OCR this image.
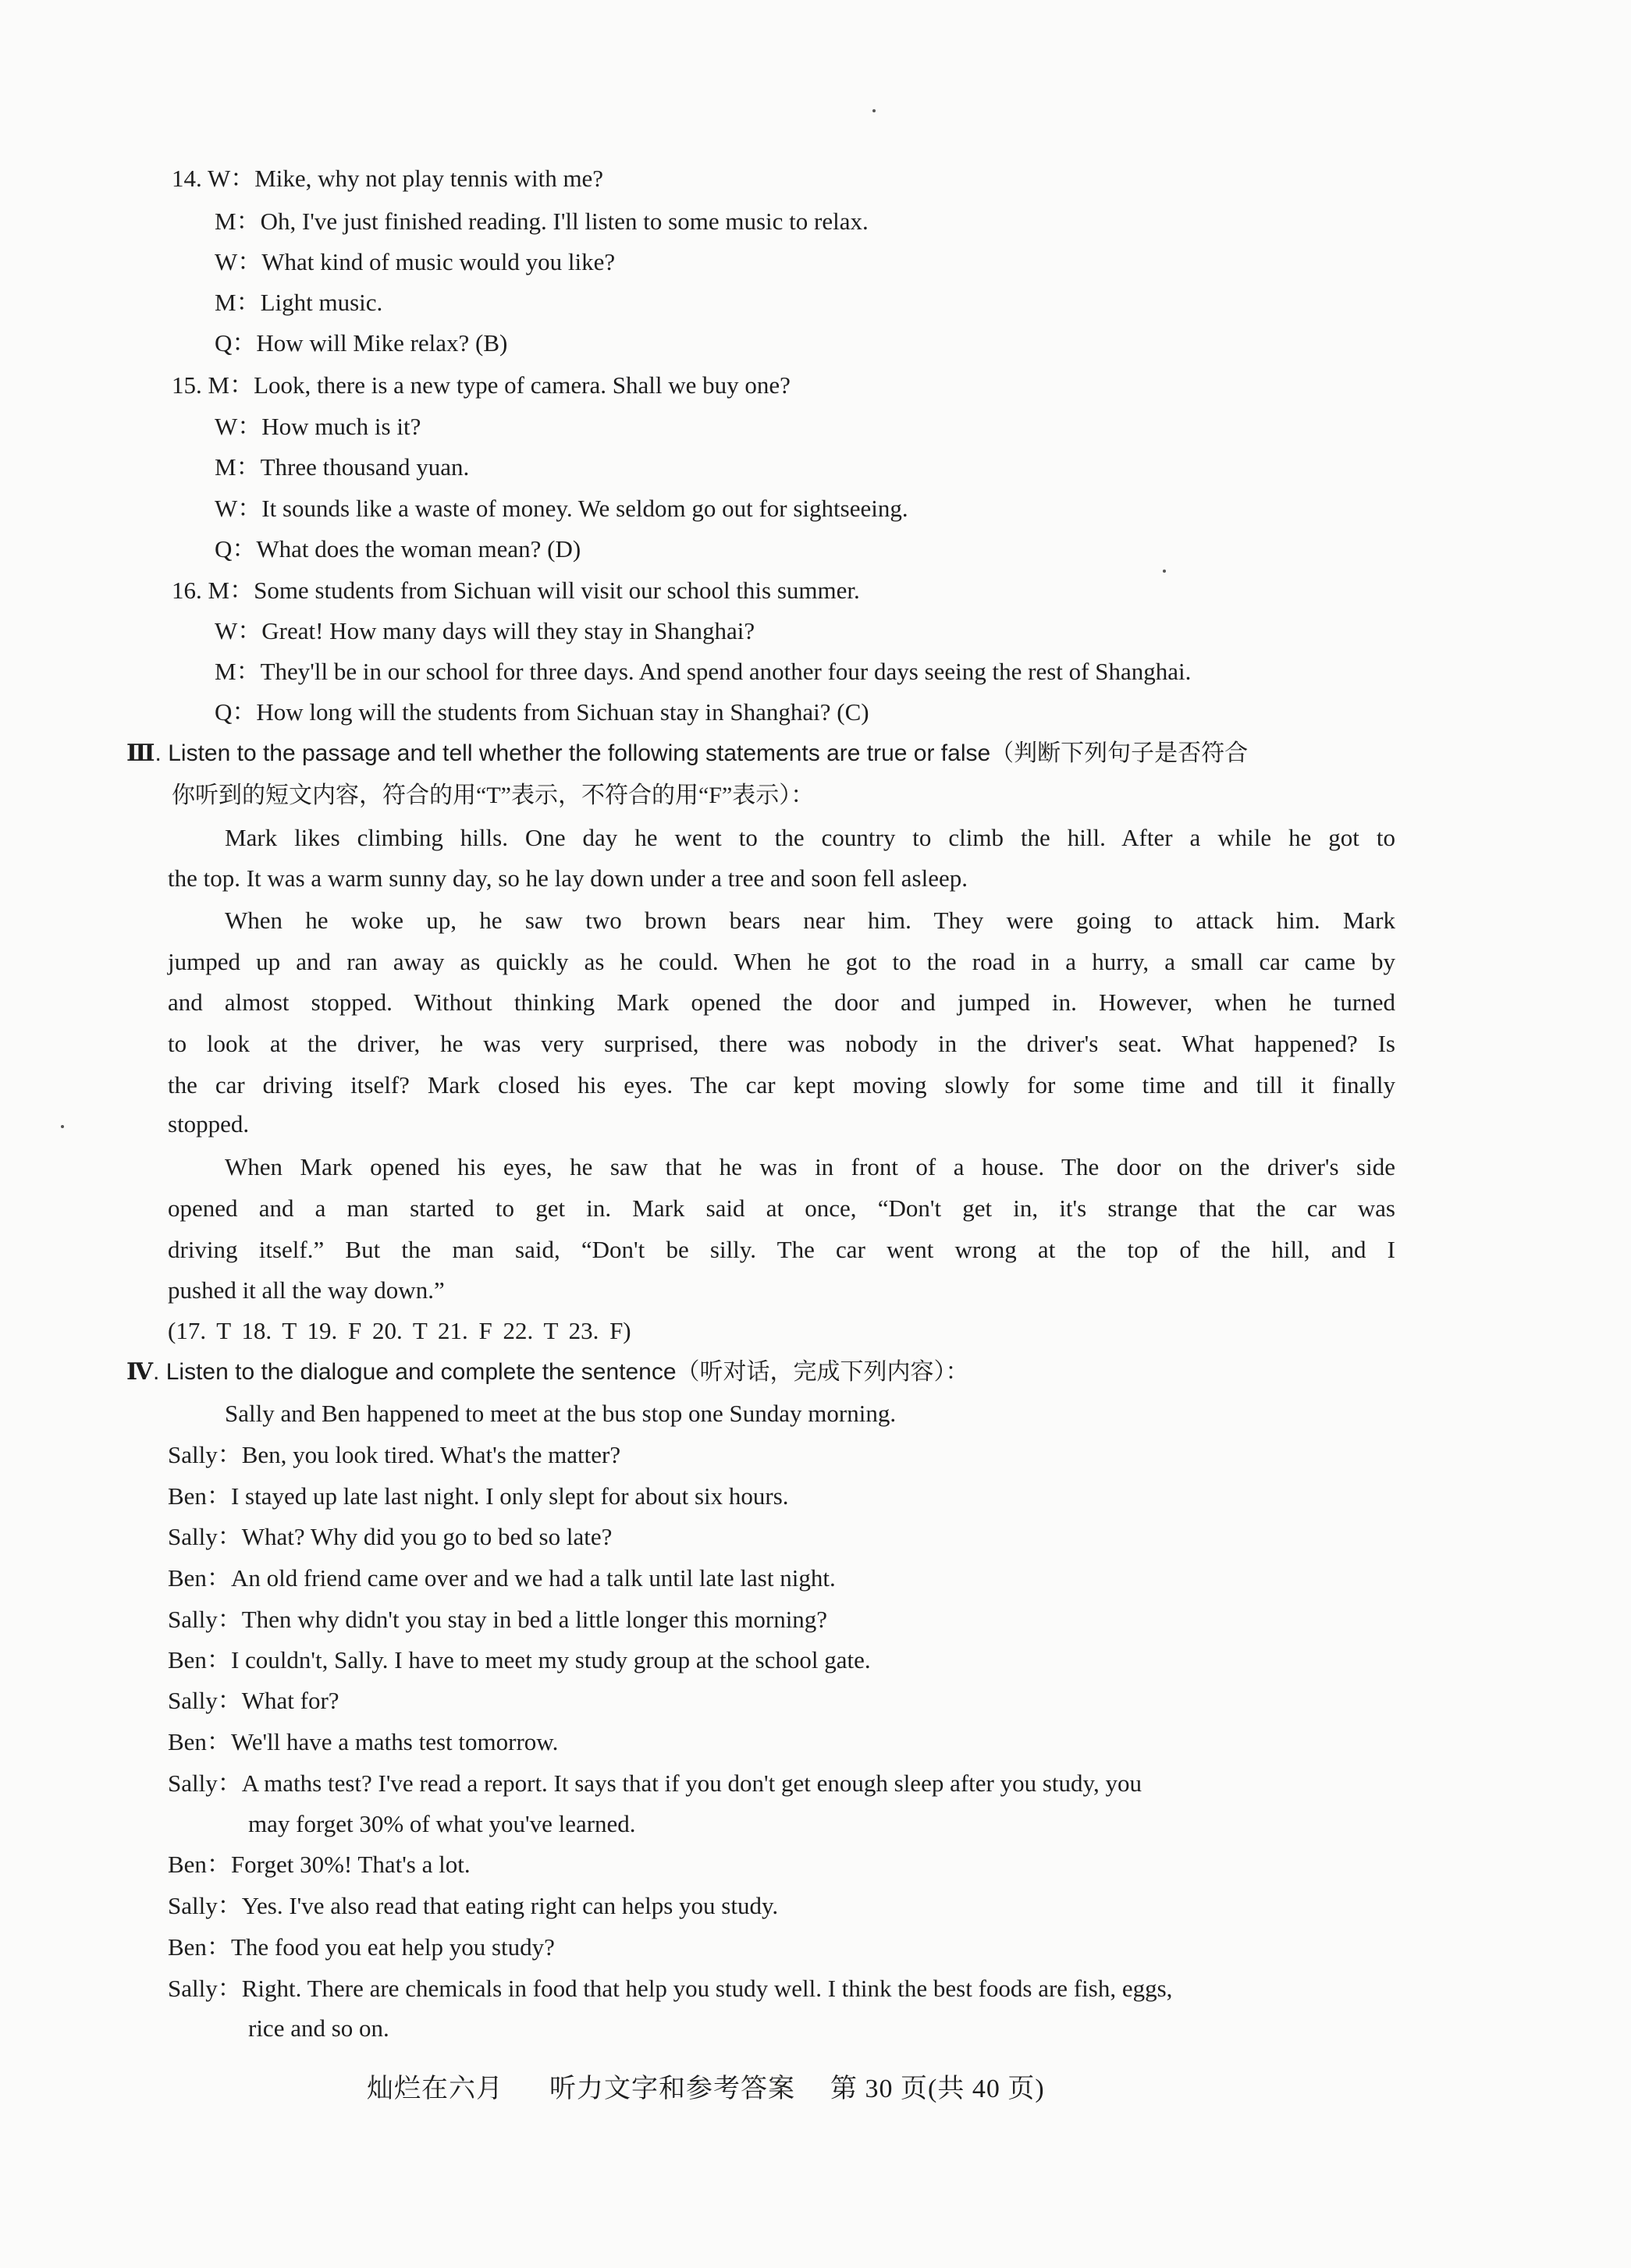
14. W：Mike, why not play tennis with me?
M：Oh, I've just finished reading. I'll listen to some music to relax.
W：What kind of music would you like?
M：Light music.
Q：How will Mike relax? (B)
15. M：Look, there is a new type of camera. Shall we buy one?
W：How much is it?
M：Three thousand yuan.
W：It sounds like a waste of money. We seldom go out for sightseeing.
Q：What does the woman mean? (D)
16. M：Some students from Sichuan will visit our school this summer.
W：Great! How many days will they stay in Shanghai?
M：They'll be in our school for three days. And spend another four days seeing the rest of Shanghai.
Q：How long will the students from Sichuan stay in Shanghai? (C)
Ⅲ. Listen to the passage and tell whether the following statements are true or false（判断下列句子是否符合
你听到的短文内容，符合的用“T”表示，不符合的用“F”表示）：
Mark likes climbing hills. One day he went to the country to climb the hill. After a while he got to
the top. It was a warm sunny day, so he lay down under a tree and soon fell asleep.
When he woke up, he saw two brown bears near him. They were going to attack him. Mark
jumped up and ran away as quickly as he could. When he got to the road in a hurry, a small car came by
and almost stopped. Without thinking Mark opened the door and jumped in. However, when he turned
to look at the driver, he was very surprised, there was nobody in the driver's seat. What happened? Is
the car driving itself? Mark closed his eyes. The car kept moving slowly for some time and till it finally
stopped.
When Mark opened his eyes, he saw that he was in front of a house. The door on the driver's side
opened and a man started to get in. Mark said at once, “Don't get in, it's strange that the car was
driving itself.” But the man said, “Don't be silly. The car went wrong at the top of the hill, and I
pushed it all the way down.”
(17. T 18. T 19. F 20. T 21. F 22. T 23. F)
Ⅳ. Listen to the dialogue and complete the sentence（听对话，完成下列内容）：
Sally and Ben happened to meet at the bus stop one Sunday morning.
Sally：Ben, you look tired. What's the matter?
Ben：I stayed up late last night. I only slept for about six hours.
Sally：What? Why did you go to bed so late?
Ben：An old friend came over and we had a talk until late last night.
Sally：Then why didn't you stay in bed a little longer this morning?
Ben：I couldn't, Sally. I have to meet my study group at the school gate.
Sally：What for?
Ben：We'll have a maths test tomorrow.
Sally：A maths test? I've read a report. It says that if you don't get enough sleep after you study, you
may forget 30% of what you've learned.
Ben：Forget 30%! That's a lot.
Sally：Yes. I've also read that eating right can helps you study.
Ben：The food you eat help you study?
Sally：Right. There are chemicals in food that help you study well. I think the best foods are fish, eggs,
rice and so on.
灿烂在六月 听力文字和参考答案 第 30 页(共 40 页)
